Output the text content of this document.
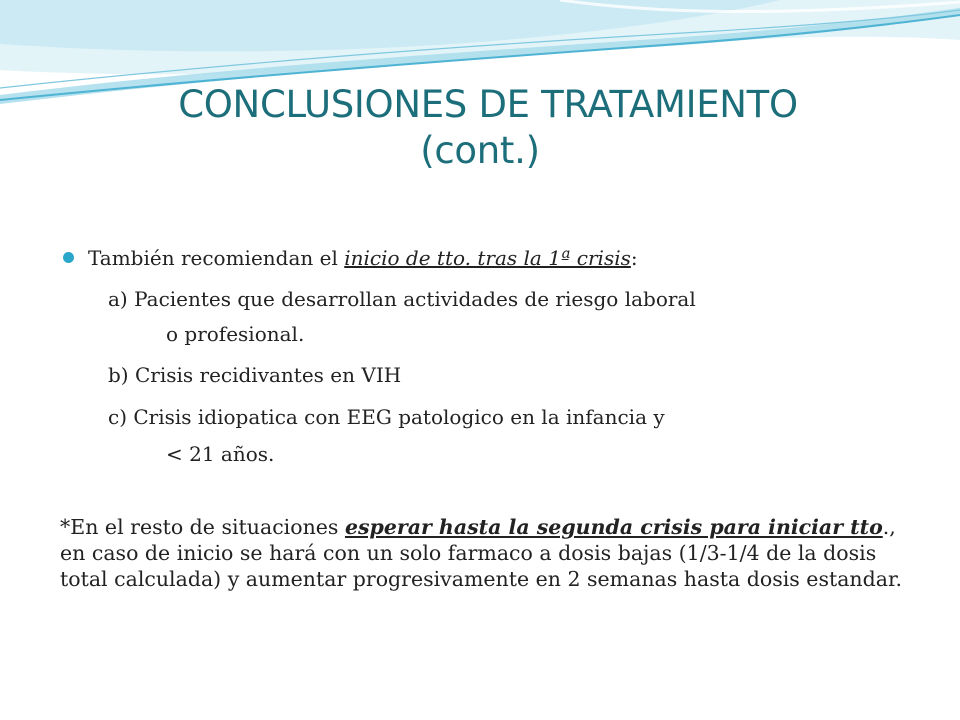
CONCLUSIONES DE TRATAMIENTO
(cont.)
También recomiendan el inicio de tto. tras la 1ª crisis:
a) Pacientes que desarrollan actividades de riesgo laboral
o profesional.
b) Crisis recidivantes en VIH
c) Crisis idiopatica con EEG patologico en la infancia y
< 21 años.
*En el resto de situaciones esperar hasta la segunda crisis para iniciar tto., en caso de inicio se hará con un solo farmaco a dosis bajas (1/3-1/4 de la dosis total calculada) y aumentar progresivamente en 2 semanas hasta dosis estandar.
